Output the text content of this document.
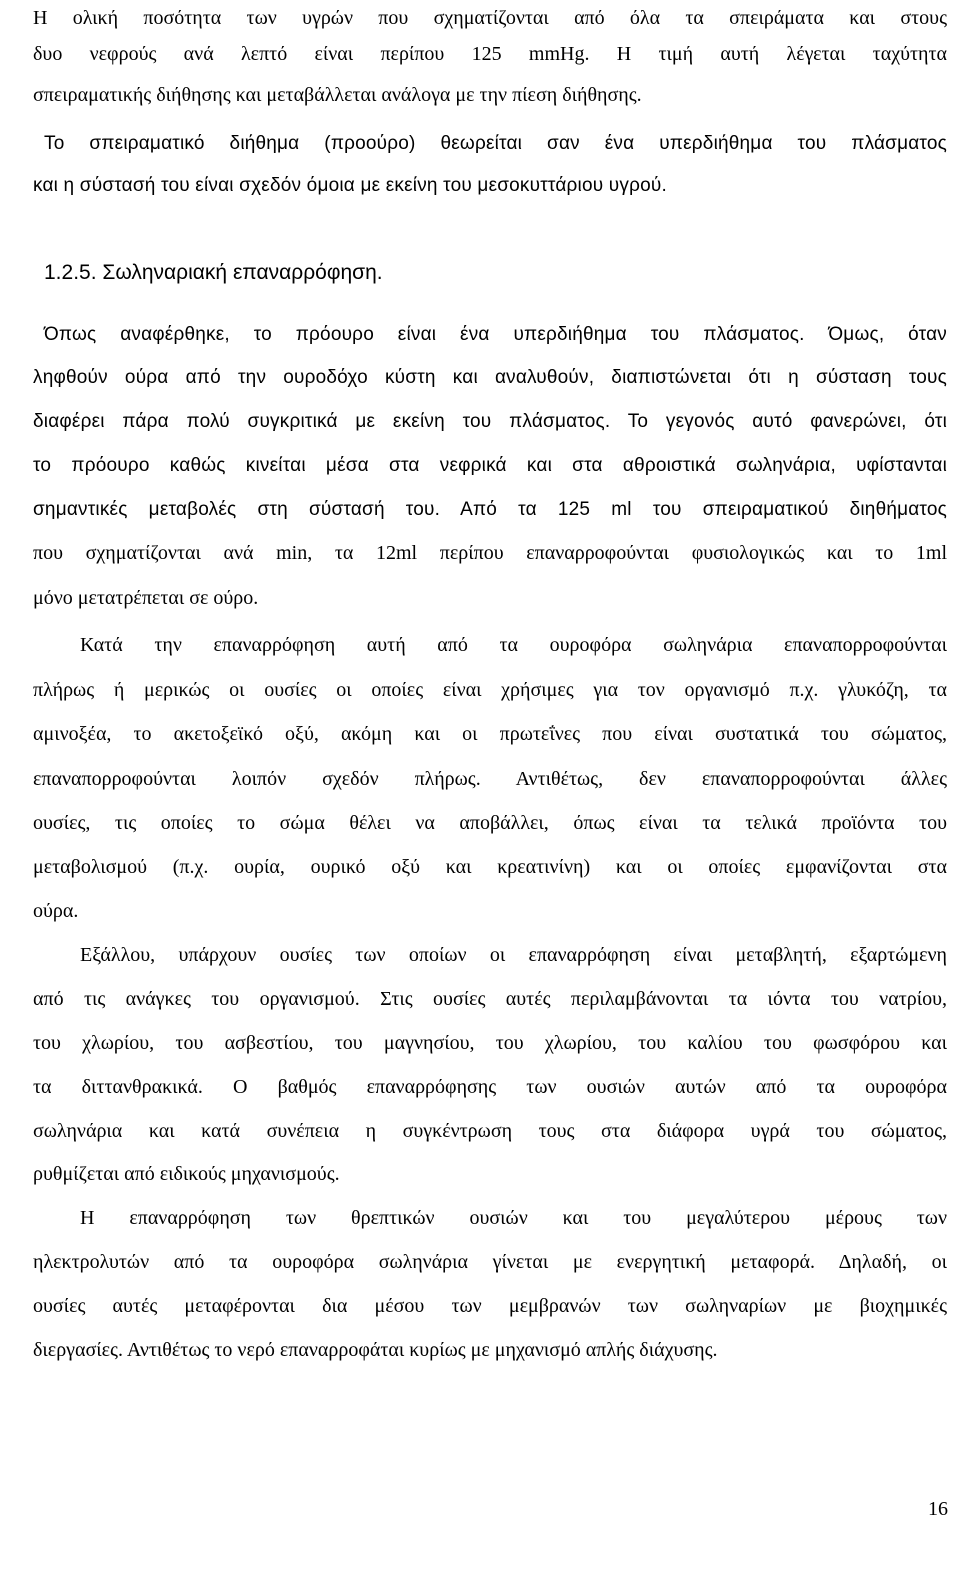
Η ολική ποσότητα των υγρών που σχηματίζονται από όλα τα σπειράματα και στους
δυο νεφρούς ανά λεπτό είναι περίπου 125 mmHg. Η τιμή αυτή λέγεται ταχύτητα
σπειραματικής διήθησης και μεταβάλλεται ανάλογα με την πίεση διήθησης.
Το σπειραματικό διήθημα (προούρο) θεωρείται σαν ένα υπερδιήθημα του πλάσματος
και η σύστασή του είναι σχεδόν όμοια με εκείνη του μεσοκυττάριου υγρού.
1.2.5. Σωληναριακή επαναρρόφηση.
Όπως αναφέρθηκε, το πρόουρο είναι ένα υπερδιήθημα του πλάσματος. Όμως, όταν
ληφθούν ούρα από την ουροδόχο κύστη και αναλυθούν, διαπιστώνεται ότι η σύσταση τους
διαφέρει πάρα πολύ συγκριτικά με εκείνη του πλάσματος. Το γεγονός αυτό φανερώνει, ότι
το πρόουρο καθώς κινείται μέσα στα νεφρικά και στα αθροιστικά σωληνάρια, υφίστανται
σημαντικές μεταβολές στη σύστασή του. Από τα 125 ml του σπειραματικού διηθήματος
που σχηματίζονται ανά min, τα 12ml περίπου επαναρροφούνται φυσιολογικώς και το 1ml
μόνο μετατρέπεται σε ούρο.
Κατά την επαναρρόφηση αυτή από τα ουροφόρα σωληνάρια επαναπορροφούνται
πλήρως ή μερικώς οι ουσίες οι οποίες είναι χρήσιμες για τον οργανισμό π.χ. γλυκόζη, τα
αμινοξέα, το ακετοξεϊκό οξύ, ακόμη και οι πρωτεΐνες που είναι συστατικά του σώματος,
επαναπορροφούνται λοιπόν σχεδόν πλήρως. Αντιθέτως, δεν επαναπορροφούνται άλλες
ουσίες, τις οποίες το σώμα θέλει να αποβάλλει, όπως είναι τα τελικά προϊόντα του
μεταβολισμού (π.χ. ουρία, ουρικό οξύ και κρεατινίνη) και οι οποίες εμφανίζονται στα
ούρα.
Εξάλλου, υπάρχουν ουσίες των οποίων οι επαναρρόφηση είναι μεταβλητή, εξαρτώμενη
από τις ανάγκες του οργανισμού. Στις ουσίες αυτές περιλαμβάνονται τα ιόντα του νατρίου,
του χλωρίου, του ασβεστίου, του μαγνησίου, του χλωρίου, του καλίου του φωσφόρου και
τα διττανθρακικά. Ο βαθμός επαναρρόφησης των ουσιών αυτών από τα ουροφόρα
σωληνάρια και κατά συνέπεια η συγκέντρωση τους στα διάφορα υγρά του σώματος,
ρυθμίζεται από ειδικούς μηχανισμούς.
Η επαναρρόφηση των θρεπτικών ουσιών και του μεγαλύτερου μέρους των
ηλεκτρολυτών από τα ουροφόρα σωληνάρια γίνεται με ενεργητική μεταφορά. Δηλαδή, οι
ουσίες αυτές μεταφέρονται δια μέσου των μεμβρανών των σωληναρίων με βιοχημικές
διεργασίες. Αντιθέτως το νερό επαναρροφάται κυρίως με μηχανισμό απλής διάχυσης.
16
